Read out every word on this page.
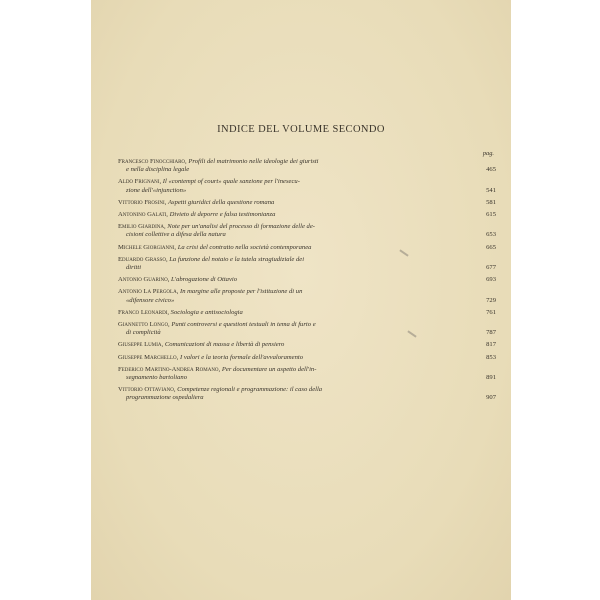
INDICE DEL VOLUME SECONDO
pag.
Francesco Finocchiaro, Profili del matrimonio nelle ideologie dei giuristi
e nella disciplina legale	465
Aldo Frignani, Il «contempt of court» quale sanzione per l'inesecu-
zione dell'«injunction»	541
Vittorio Frosini, Aspetti giuridici della questione romana	581
Antonino Galati, Divieto di deporre e falsa testimonianza	615
Emilio Giardina, Note per un'analisi del processo di formazione delle de-
cisioni collettive a difesa della natura	653
Michele Giorgianni, La crisi del contratto nella società contemporanea	665
Eduardo Grasso, La funzione del notaio e la tutela stragiudiziale dei
diritti	677
Antonio Guarino, L'abrogazione di Ottavio	693
Antonio La Pergola, In margine alle proposte per l'istituzione di un
«difensore civico»	729
Franco Leonardi, Sociologia e antisociologia	761
Giannetto Longo, Punti controversi e questioni testuali in tema di furto e
di complicità	787
Giuseppe Lumia, Comunicazioni di massa e libertà di pensiero	817
Giuseppe Marchello, I valori e la teoria formale dell'avvaloramento	853
Federico Martino-Andrea Romano, Per documentare un aspetto dell'in-
segnamento bartoliano	891
Vittorio Ottaviano, Competenze regionali e programmazione: il caso della
programmazione ospedaliera	907
